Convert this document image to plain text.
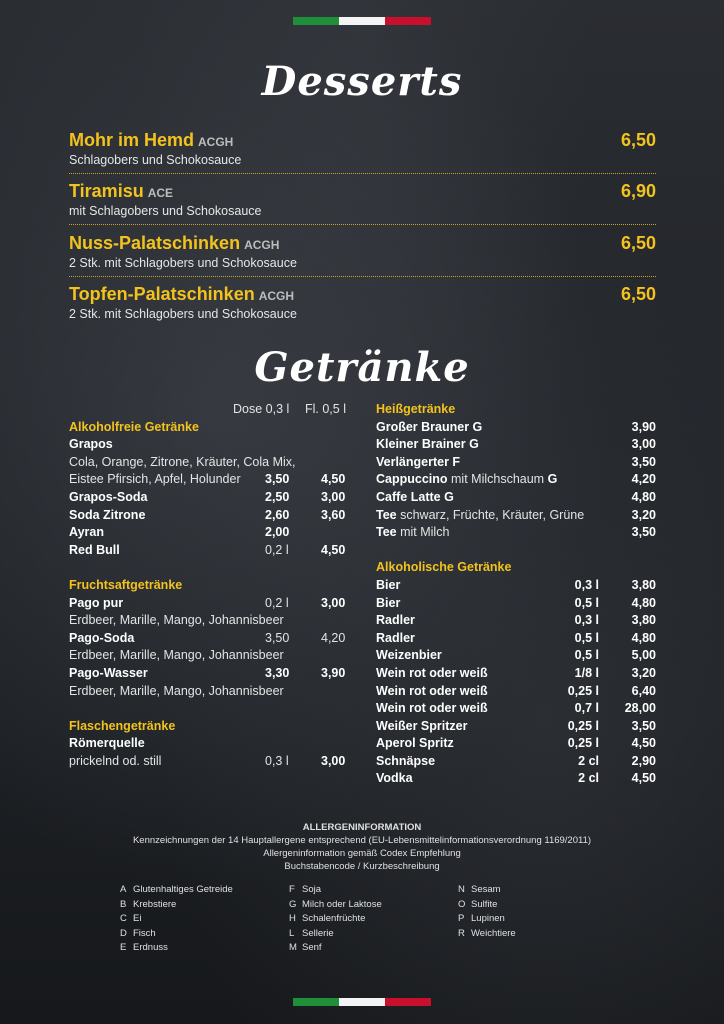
Desserts
Mohr im Hemd ACGH
Schlagobers und Schokosauce
6,50
Tiramisu ACE
mit Schlagobers und Schokosauce
6,90
Nuss-Palatschinken ACGH
2 Stk. mit Schlagobers und Schokosauce
6,50
Topfen-Palatschinken ACGH
2 Stk. mit Schlagobers und Schokosauce
6,50
Getränke
Dose 0,3 l Fl. 0,5 l
Alkoholfreie Getränke
Grapos
Cola, Orange, Zitrone, Kräuter, Cola Mix,
Eistee Pfirsich, Apfel, Holunder 3,50	4,50
Grapos-Soda	2,50	3,00
Soda Zitrone	2,60	3,60
Ayran	2,00
Red Bull	0,2 l	4,50
Fruchtsaftgetränke
Pago pur	0,2 l	3,00
Erdbeer, Marille, Mango, Johannisbeer
Pago-Soda	3,50	4,20
Erdbeer, Marille, Mango, Johannisbeer
Pago-Wasser	3,30	3,90
Erdbeer, Marille, Mango, Johannisbeer
Flaschengetränke
Römerquelle
prickelnd od. still	0,3 l	3,00
Heißgetränke
Großer Brauner G	3,90
Kleiner Brainer G	3,00
Verlängerter F	3,50
Cappuccino mit Milchschaum G	4,20
Caffe Latte G	4,80
Tee schwarz, Früchte, Kräuter, Grüne	3,20
Tee mit Milch	3,50
Alkoholische Getränke
Bier	0,3 l	3,80
Bier	0,5 l	4,80
Radler	0,3 l	3,80
Radler	0,5 l	4,80
Weizenbier	0,5 l	5,00
Wein rot oder weiß	1/8 l	3,20
Wein rot oder weiß	0,25 l	6,40
Wein rot oder weiß	0,7 l 28,00
Weißer Spritzer	0,25 l	3,50
Aperol Spritz	0,25 l	4,50
Schnäpse	2 cl	2,90
Vodka	2 cl	4,50
ALLERGENINFORMATION
Kennzeichnungen der 14 Hauptallergene entsprechend (EU-Lebensmittelinformationsverordnung 1169/2011)
Allergeninformation gemäß Codex Empfehlung
Buchstabencode / Kurzbeschreibung
A Glutenhaltiges Getreide
B Krebstiere
C Ei
D Fisch
E Erdnuss
F Soja
G Milch oder Laktose
H Schalenfrüchte
L Sellerie
M Senf
N Sesam
O Sulfite
P Lupinen
R Weichtiere
